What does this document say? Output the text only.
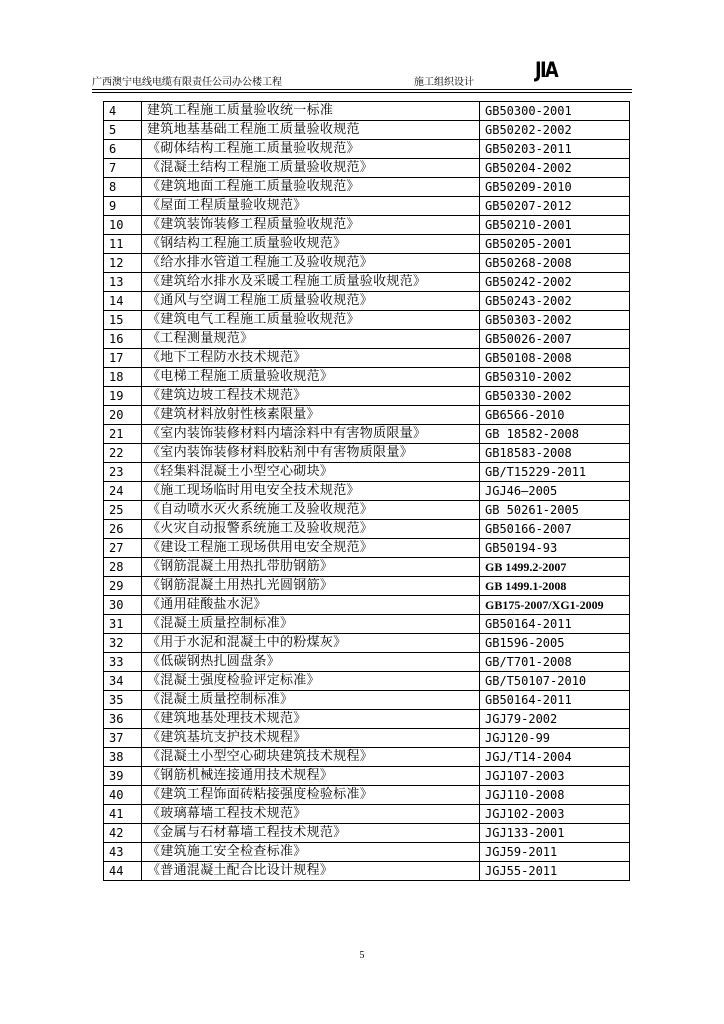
广西澳宁电线电缆有限责任公司办公楼工程	施工组织设计
JIA
4	建筑工程施工质量验收统一标准	GB50300-2001
5	建筑地基基础工程施工质量验收规范	GB50202-2002
6	《砌体结构工程施工质量验收规范》	GB50203-2011
7	《混凝土结构工程施工质量验收规范》	GB50204-2002
8	《建筑地面工程施工质量验收规范》	GB50209-2010
9	《屋面工程质量验收规范》	GB50207-2012
10	《建筑装饰装修工程质量验收规范》	GB50210-2001
11	《钢结构工程施工质量验收规范》	GB50205-2001
12	《给水排水管道工程施工及验收规范》	GB50268-2008
13	《建筑给水排水及采暖工程施工质量验收规范》	GB50242-2002
14	《通风与空调工程施工质量验收规范》	GB50243-2002
15	《建筑电气工程施工质量验收规范》	GB50303-2002
16	《工程测量规范》	GB50026-2007
17	《地下工程防水技术规范》	GB50108-2008
18	《电梯工程施工质量验收规范》	GB50310-2002
19	《建筑边坡工程技术规范》	GB50330-2002
20	《建筑材料放射性核素限量》	GB6566-2010
21	《室内装饰装修材料内墙涂料中有害物质限量》	GB 18582-2008
22	《室内装饰装修材料胶粘剂中有害物质限量》	GB18583-2008
23	《轻集料混凝土小型空心砌块》	GB/T15229-2011
24	《施工现场临时用电安全技术规范》	JGJ46—2005
25	《自动喷水灭火系统施工及验收规范》	GB 50261-2005
26	《火灾自动报警系统施工及验收规范》	GB50166-2007
27	《建设工程施工现场供用电安全规范》	GB50194-93
28	《钢筋混凝土用热扎带肋钢筋》	GB 1499.2-2007
29	《钢筋混凝土用热扎光圆钢筋》	GB 1499.1-2008
30	《通用硅酸盐水泥》	GB175-2007/XG1-2009
31	《混凝土质量控制标准》	GB50164-2011
32	《用于水泥和混凝土中的粉煤灰》	GB1596-2005
33	《低碳钢热扎圆盘条》	GB/T701-2008
34	《混凝土强度检验评定标准》	GB/T50107-2010
35	《混凝土质量控制标准》	GB50164-2011
36	《建筑地基处理技术规范》	JGJ79-2002
37	《建筑基坑支护技术规程》	JGJ120-99
38	《混凝土小型空心砌块建筑技术规程》	JGJ/T14-2004
39	《钢筋机械连接通用技术规程》	JGJ107-2003
40	《建筑工程饰面砖粘接强度检验标准》	JGJ110-2008
41	《玻璃幕墙工程技术规范》	JGJ102-2003
42	《金属与石材幕墙工程技术规范》	JGJ133-2001
43	《建筑施工安全检查标准》	JGJ59-2011
44	《普通混凝土配合比设计规程》	JGJ55-2011
5
